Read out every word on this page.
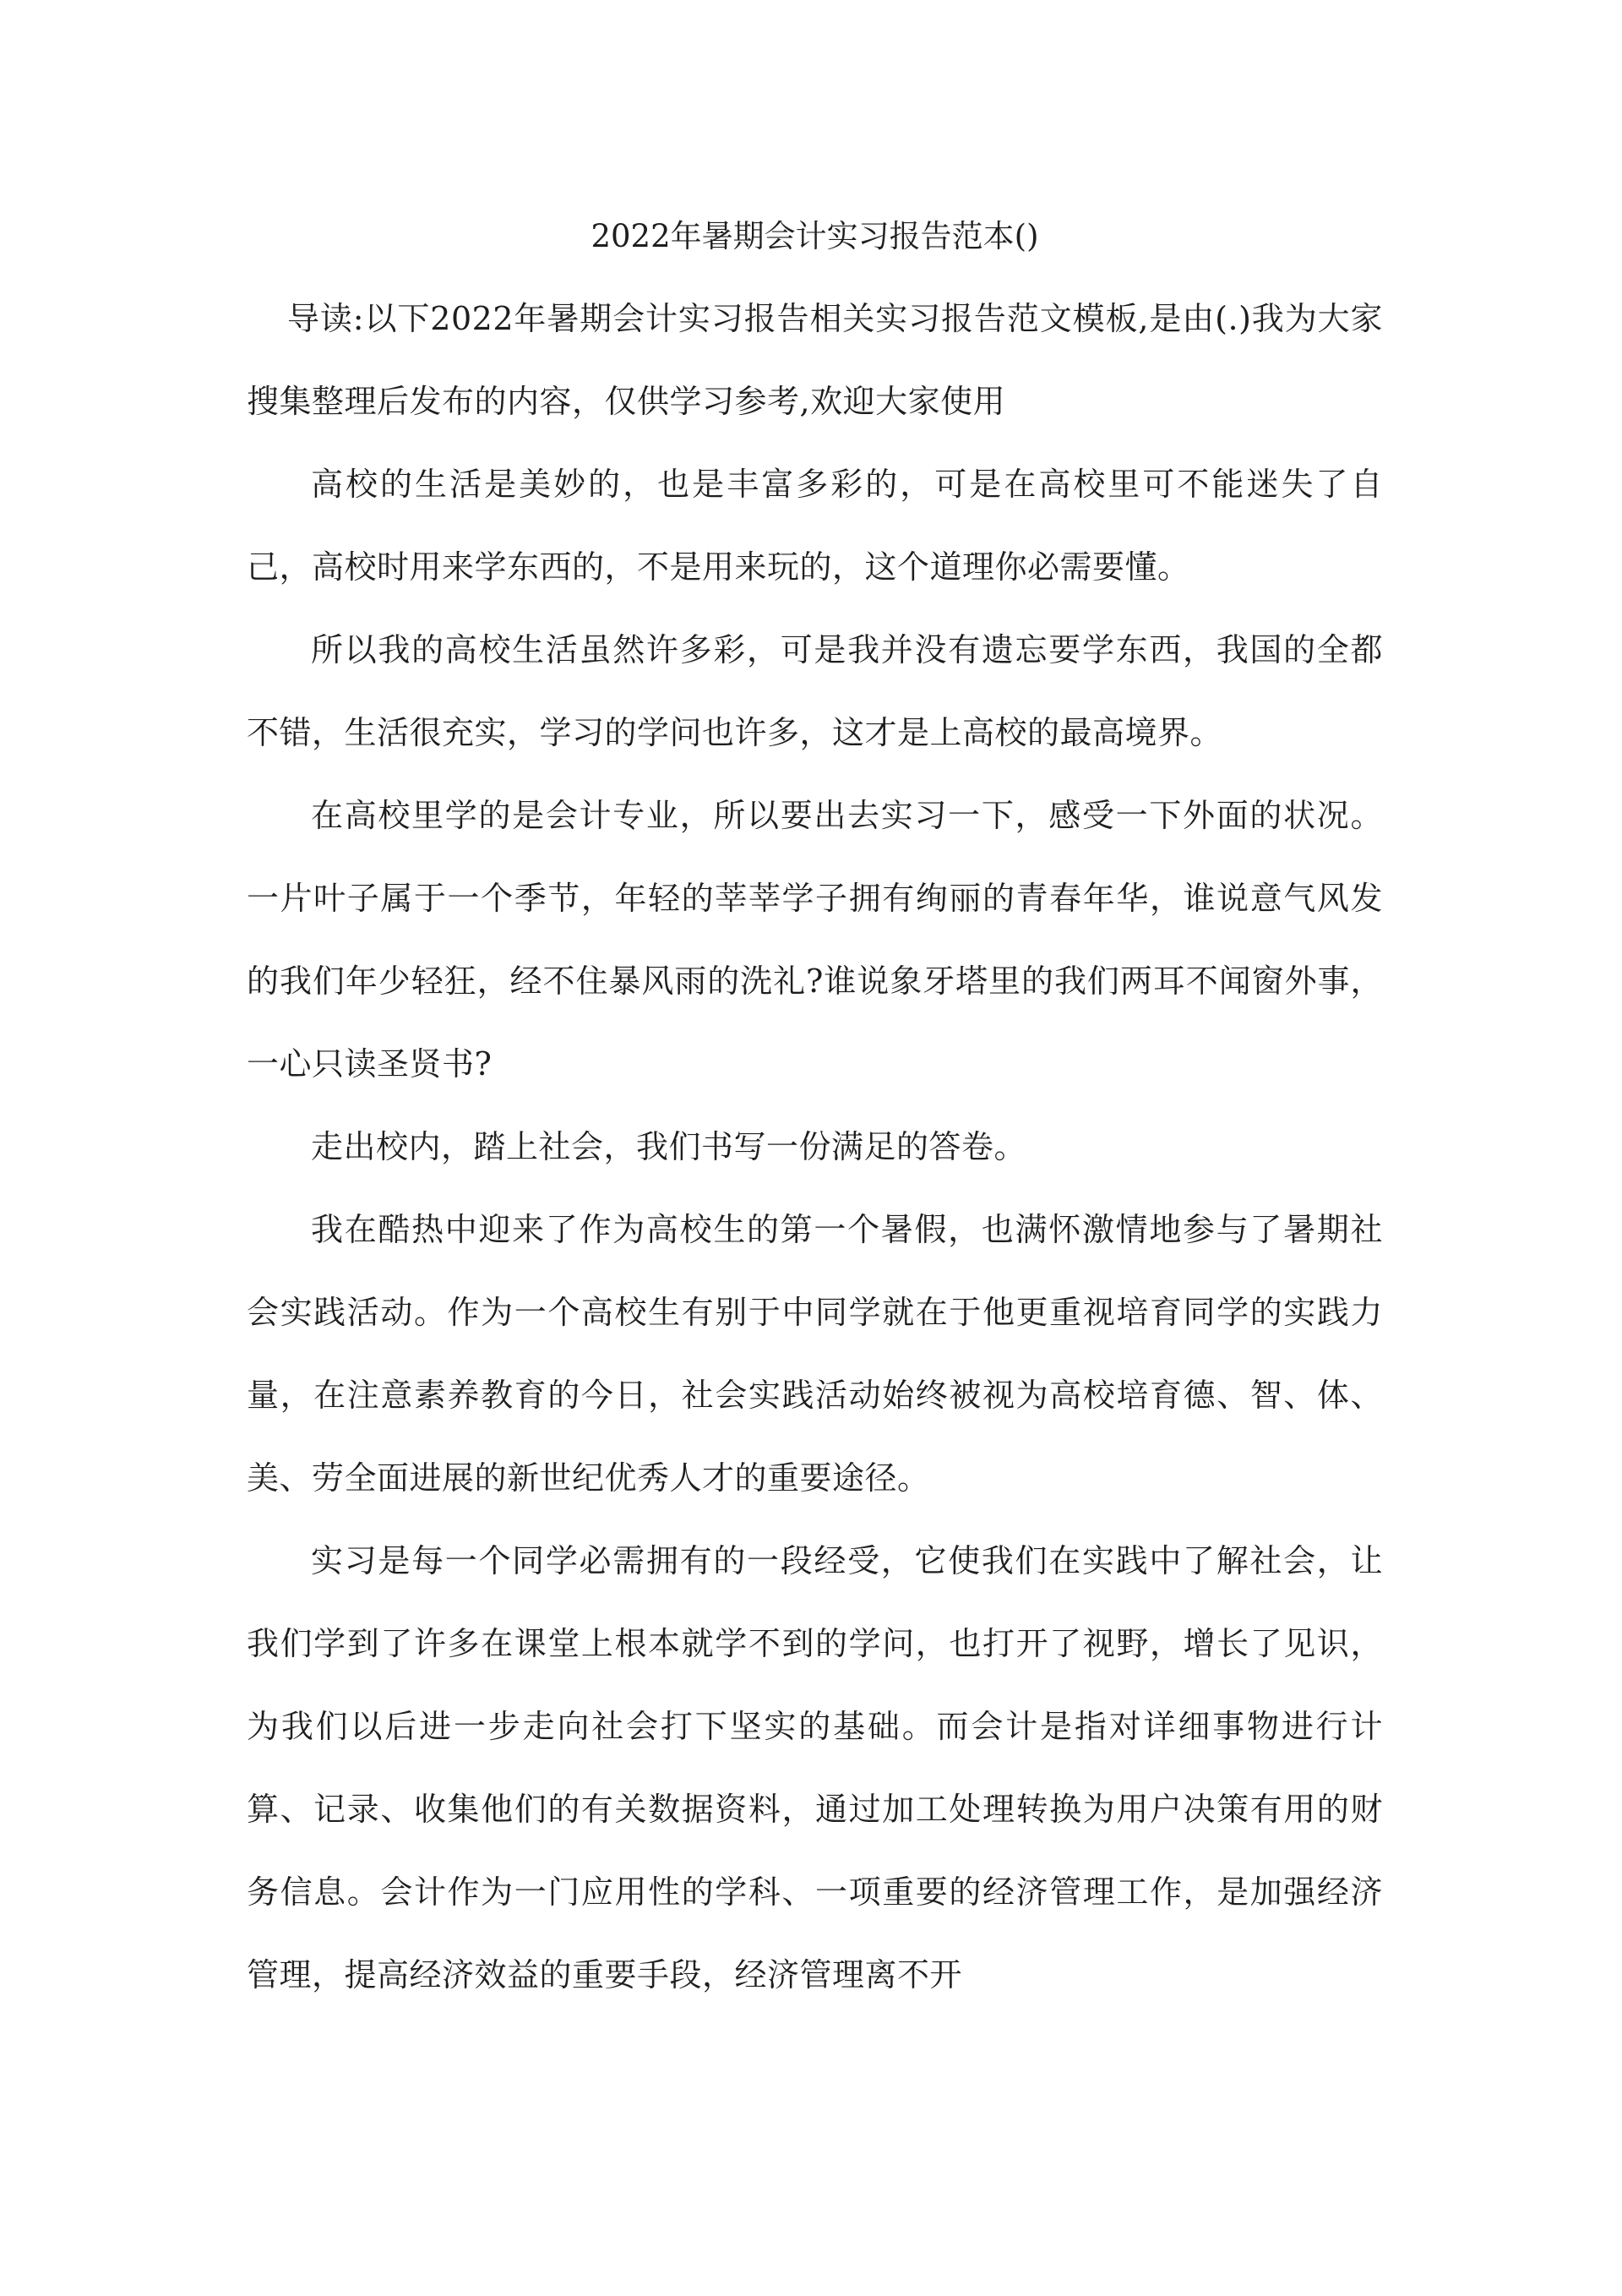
2022年暑期会计实习报告范本()

导读:以下2022年暑期会计实习报告相关实习报告范文模板,是由(.)我为大家搜集整理后发布的内容，仅供学习参考,欢迎大家使用

高校的生活是美妙的，也是丰富多彩的，可是在高校里可不能迷失了自己，高校时用来学东西的，不是用来玩的，这个道理你必需要懂。

所以我的高校生活虽然许多彩，可是我并没有遗忘要学东西，我国的全都不错，生活很充实，学习的学问也许多，这才是上高校的最高境界。

在高校里学的是会计专业，所以要出去实习一下，感受一下外面的状况。一片叶子属于一个季节，年轻的莘莘学子拥有绚丽的青春年华，谁说意气风发的我们年少轻狂，经不住暴风雨的洗礼?谁说象牙塔里的我们两耳不闻窗外事，一心只读圣贤书?

走出校内，踏上社会，我们书写一份满足的答卷。

我在酷热中迎来了作为高校生的第一个暑假，也满怀激情地参与了暑期社会实践活动。作为一个高校生有别于中同学就在于他更重视培育同学的实践力量，在注意素养教育的今日，社会实践活动始终被视为高校培育德、智、体、美、劳全面进展的新世纪优秀人才的重要途径。

实习是每一个同学必需拥有的一段经受，它使我们在实践中了解社会，让我们学到了许多在课堂上根本就学不到的学问，也打开了视野，增长了见识，为我们以后进一步走向社会打下坚实的基础。而会计是指对详细事物进行计算、记录、收集他们的有关数据资料，通过加工处理转换为用户决策有用的财务信息。会计作为一门应用性的学科、一项重要的经济管理工作，是加强经济管理，提高经济效益的重要手段，经济管理离不开
